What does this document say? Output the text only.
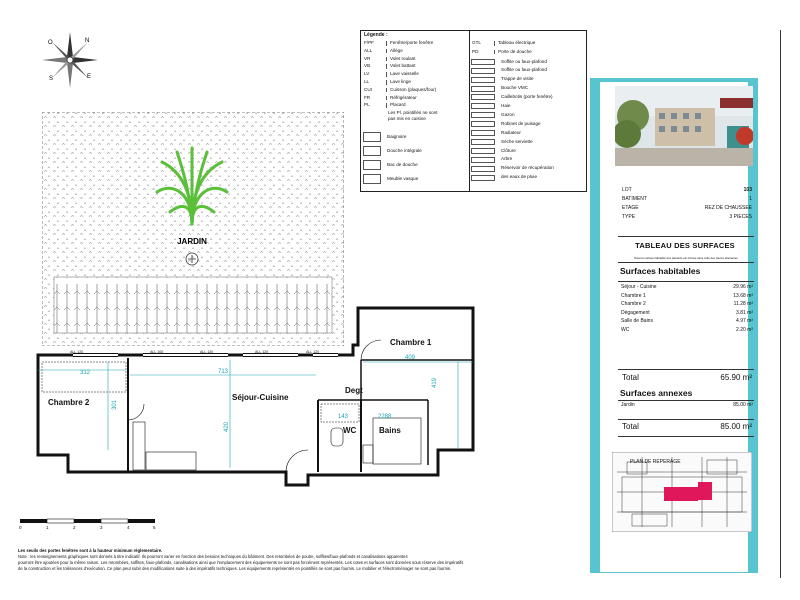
N
E
S
O
Légende :
F/PF	Fenêtre/porte fenêtre
ALL	Allège
VR	Volet roulant
VB	Volet battant
LV	Lave vaisselle
LL	Lave linge
CUI	Cuisson (plaques/four)
FR	Réfrigérateur
PL	Placard
Baignoire
Douche intégrale
Bac de douche
Meuble vasque
GTL	Tableau électrique
PD	Porte de douche
Soffite ou faux-plafond
Soffite ou faux-plafond
Trappe de visite
Bouche VMC
Caillebotis (porte fenêtre)
Haie
Gazon
Robinet de puisage
Radiateur
Sèche serviette
Clôture
Arbre
Réservoir de récupération
des eaux de pluie
Les Pl. pointillés ne sont
pas mis en cuisine
JARDIN
Chambre 1
Chambre 2
Séjour-Cuisine
Degt
WC	Bains
409
419
713
420
312
301
143	2288
ALL 120	ALL 100	ALL 120	ALL 120	ALL 120
0	1	2	3	4	5
Les seuils des portes fenêtres sont à la hauteur minimum réglementaire.
Note : les renseignements graphiques sont donnés à titre indicatif. Ils pourront varier en fonction des besoins techniques du bâtiment. Des retombées de poutre, soffites/faux-plafonds et canalisations apparentes
pourront être ajoutées pour la même raison. Les retombées, soffites, faux-plafonds, canalisations ainsi que l'emplacement des équipements ne sont pas forcément représentés. Les cotes et surfaces sont données sous réserve des impératifs
de la construction et les tolérances d'exécution. Ce plan peut subir des modifications suite à des impératifs techniques. Les équipements représentés en pointillés ne sont pas fournis. Le mobilier et l'électroménager ne sont pas fournis.
LOT	103
BATIMENT	1
ETAGE	REZ DE CHAUSSEE
TYPE	3 PIECES
TABLEAU DES SURFACES
Dans la surface habitable des placards est incluse dans celle des pièces attenantes
Surfaces habitables
Séjour - Cuisine	29.96 m²
Chambre 1	13.68 m²
Chambre 2	11.28 m²
Dégagement	3.81 m²
Salle de Bains	4.97 m²
WC	2.20 m²
Total	65.90 m²
Surfaces annexes
Jardin	85.00 m²
Total	85.00 m²
PLAN DE REPERAGE
